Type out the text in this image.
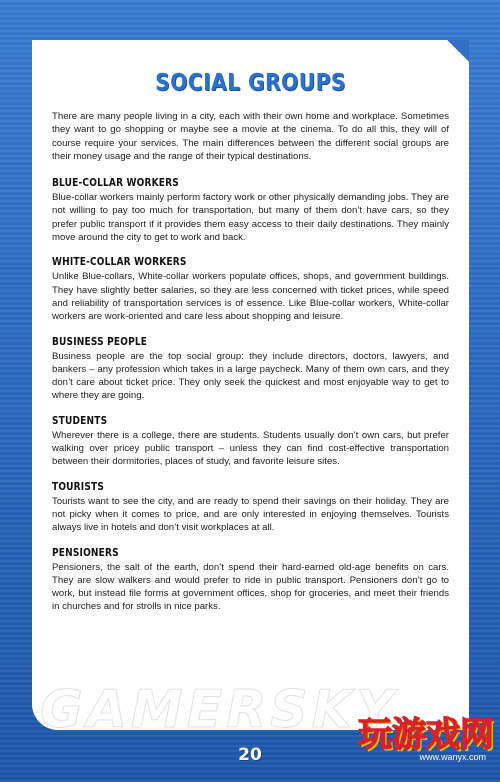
SOCIAL GROUPS

There are many people living in a city, each with their own home and workplace. Sometimes they want to go shopping or maybe see a movie at the cinema. To do all this, they will of course require your services. The main differences between the different social groups are their money usage and the range of their typical destinations.

BLUE-COLLAR WORKERS

Blue-collar workers mainly perform factory work or other physically demanding jobs. They are not willing to pay too much for transportation, but many of them don’t have cars, so they prefer public transport if it provides them easy access to their daily destinations. They mainly move around the city to get to work and back.

WHITE-COLLAR WORKERS

Unlike Blue-collars, White-collar workers populate offices, shops, and government buildings. They have slightly better salaries, so they are less concerned with ticket prices, while speed and reliability of transportation services is of essence. Like Blue-collar workers, White-collar workers are work-oriented and care less about shopping and leisure.

BUSINESS PEOPLE

Business people are the top social group: they include directors, doctors, lawyers, and bankers – any profession which takes in a large paycheck. Many of them own cars, and they don’t care about ticket price. They only seek the quickest and most enjoyable way to get to where they are going.

STUDENTS

Wherever there is a college, there are students. Students usually don’t own cars, but prefer walking over pricey public transport – unless they can find cost-effective transportation between their dormitories, places of study, and favorite leisure sites.

TOURISTS

Tourists want to see the city, and are ready to spend their savings on their holiday. They are not picky when it comes to price, and are only interested in enjoying themselves. Tourists always live in hotels and don’t visit workplaces at all.

PENSIONERS

Pensioners, the salt of the earth, don’t spend their hard-earned old-age benefits on cars. They are slow walkers and would prefer to ride in public transport. Pensioners don’t go to work, but instead file forms at government offices, shop for groceries, and meet their friends in churches and for strolls in nice parks.

GAMERSKY
20
玩游戏网
www.wanyx.com
